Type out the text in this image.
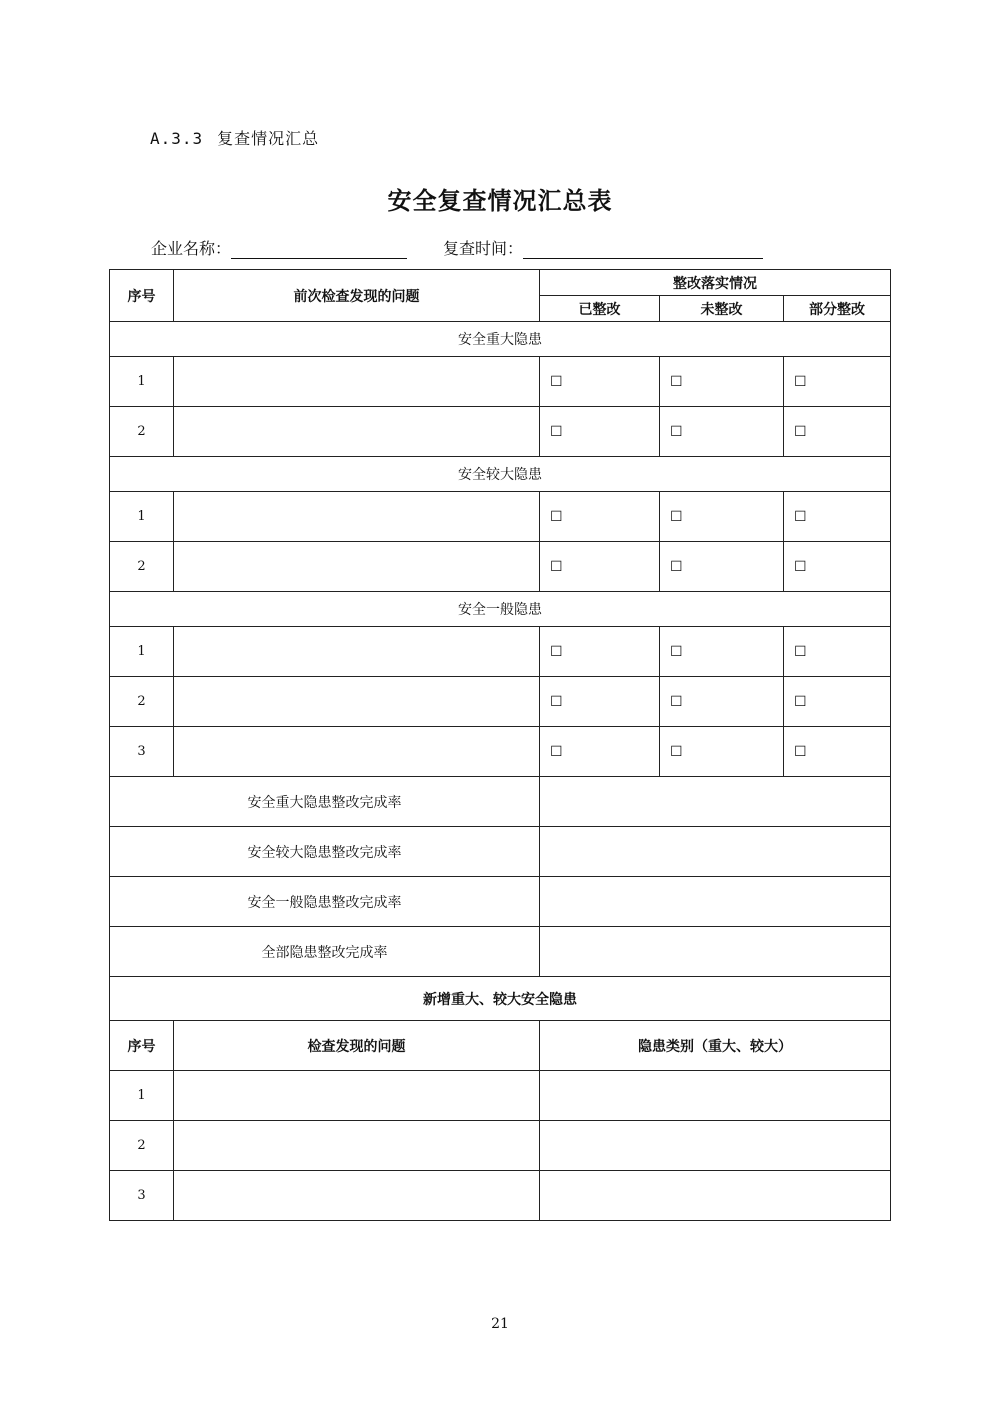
A.3.3 复查情况汇总
安全复查情况汇总表
企业名称：	复查时间：
序号	前次检查发现的问题	整改落实情况		
		已整改	未整改	部分整改
安全重大隐患				
1		☐	☐	☐
2		☐	☐	☐
安全较大隐患				
1		☐	☐	☐
2		☐	☐	☐
安全一般隐患				
1		☐	☐	☐
2		☐	☐	☐
3		☐	☐	☐
安全重大隐患整改完成率				
安全较大隐患整改完成率				
安全一般隐患整改完成率				
全部隐患整改完成率				
新增重大、较大安全隐患				
序号	检查发现的问题	隐患类别（重大、较大）		
1				
2				
3				
21
